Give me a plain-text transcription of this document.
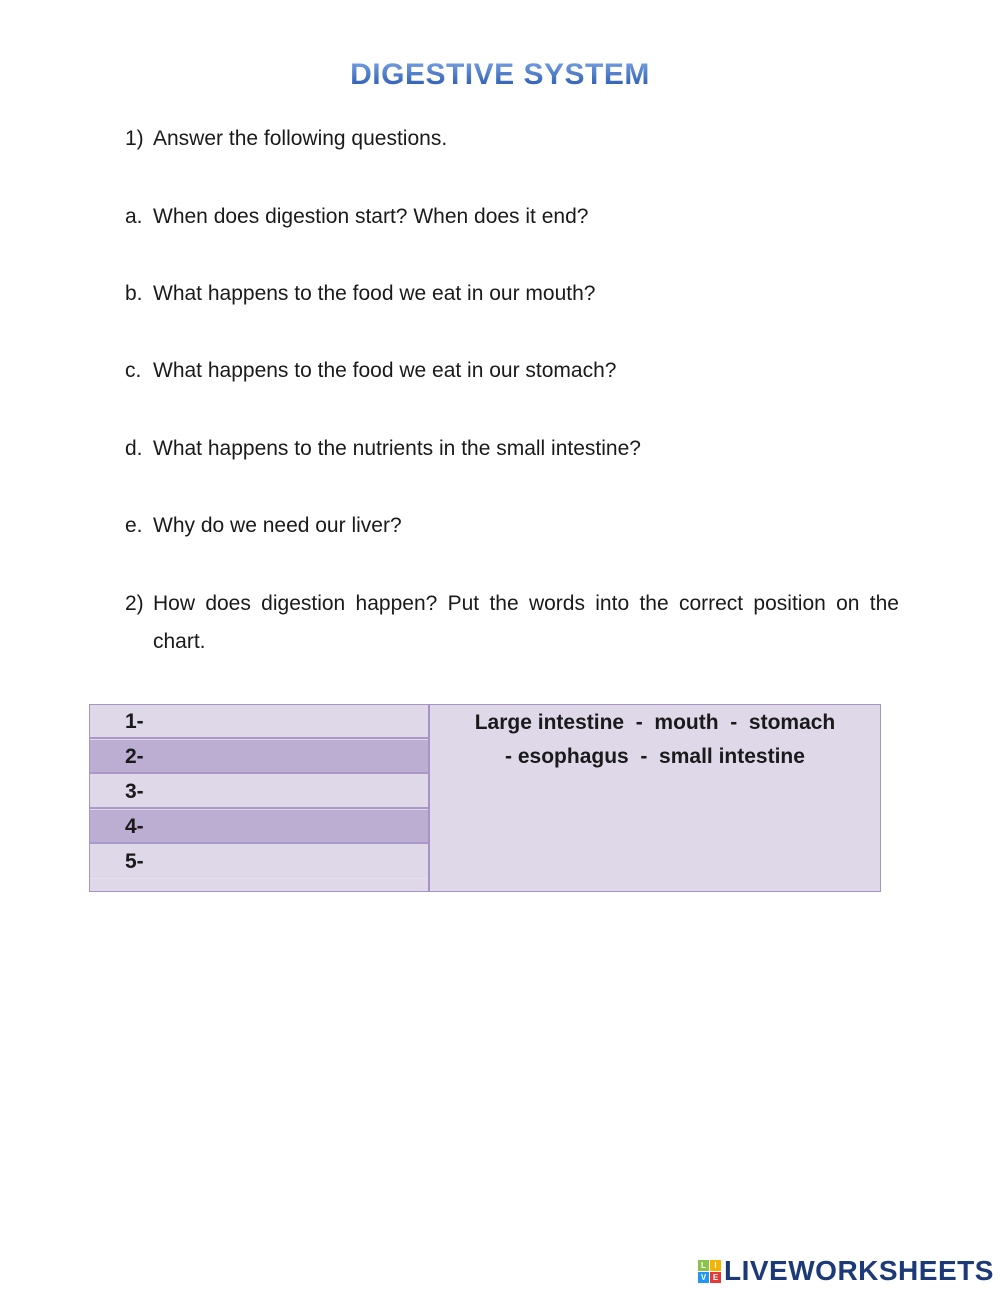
DIGESTIVE SYSTEM
1) Answer the following questions.
a. When does digestion start? When does it end?
b. What happens to the food we eat in our mouth?
c. What happens to the food we eat in our stomach?
d. What happens to the nutrients in the small intestine?
e. Why do we need our liver?
2) How does digestion happen? Put the words into the correct position on the chart.
1-
2-
3-
4-
5-
Large intestine  -  mouth  -  stomach
- esophagus  -  small intestine
L	I
V E LIVEWORKSHEETS
